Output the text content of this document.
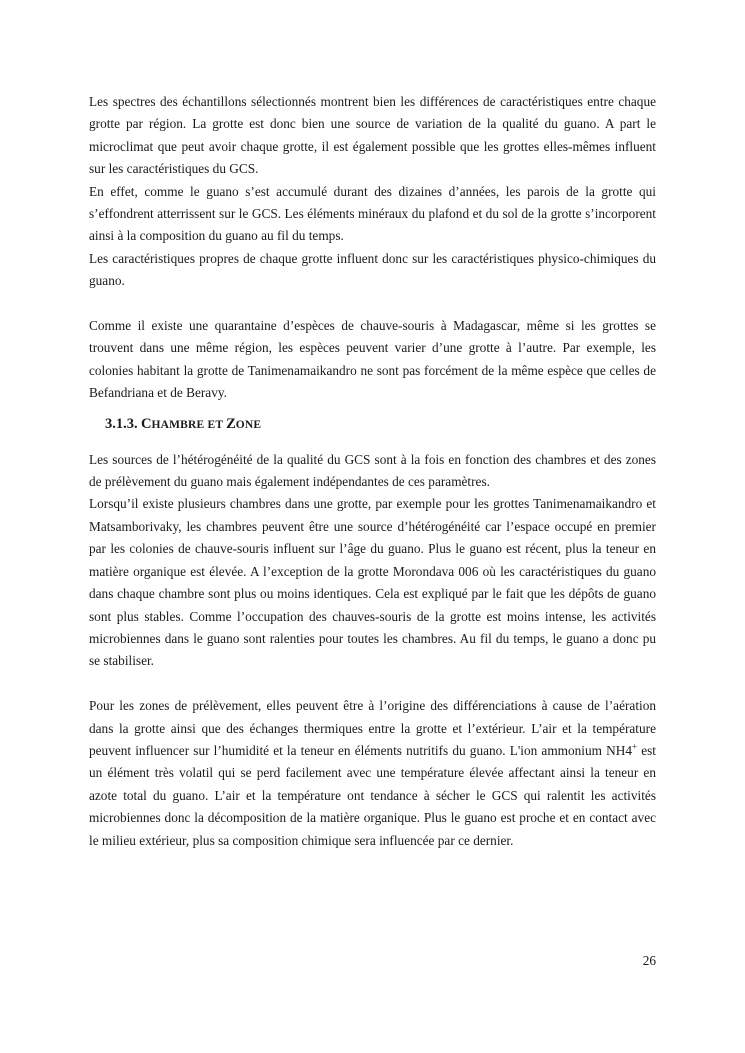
Les spectres des échantillons sélectionnés montrent bien les différences de caractéristiques entre chaque grotte par région. La grotte est donc bien une source de variation de la qualité du guano. A part le microclimat que peut avoir chaque grotte, il est également possible que les grottes elles-mêmes influent sur les caractéristiques du GCS.

En effet, comme le guano s’est accumulé durant des dizaines d’années, les parois de la grotte qui s’effondrent atterrissent sur le GCS. Les éléments minéraux du plafond et du sol de la grotte s’incorporent ainsi à la composition du guano au fil du temps.

Les caractéristiques propres de chaque grotte influent donc sur les caractéristiques physico-chimiques du guano.

Comme il existe une quarantaine d’espèces de chauve-souris à Madagascar, même si les grottes se trouvent dans une même région, les espèces peuvent varier d’une grotte à l’autre. Par exemple, les colonies habitant la grotte de Tanimenamaikandro ne sont pas forcément de la même espèce que celles de Befandriana et de Beravy.

3.1.3. CHAMBRE ET ZONE

Les sources de l’hétérogénéité de la qualité du GCS sont à la fois en fonction des chambres et des zones de prélèvement du guano mais également indépendantes de ces paramètres.

Lorsqu’il existe plusieurs chambres dans une grotte, par exemple pour les grottes Tanimenamaikandro et Matsamborivaky, les chambres peuvent être une source d’hétérogénéité car l’espace occupé en premier par les colonies de chauve-souris influent sur l’âge du guano. Plus le guano est récent, plus la teneur en matière organique est élevée. A l’exception de la grotte Morondava 006 où les caractéristiques du guano dans chaque chambre sont plus ou moins identiques. Cela est expliqué par le fait que les dépôts de guano sont plus stables. Comme l’occupation des chauves-souris de la grotte est moins intense, les activités microbiennes dans le guano sont ralenties pour toutes les chambres. Au fil du temps, le guano a donc pu se stabiliser.

Pour les zones de prélèvement, elles peuvent être à l’origine des différenciations à cause de l’aération dans la grotte ainsi que des échanges thermiques entre la grotte et l’extérieur. L’air et la température peuvent influencer sur l’humidité et la teneur en éléments nutritifs du guano. L'ion ammonium NH4+ est un élément très volatil qui se perd facilement avec une température élevée affectant ainsi la teneur en azote total du guano. L’air et la température ont tendance à sécher le GCS qui ralentit les activités microbiennes donc la décomposition de la matière organique. Plus le guano est proche et en contact avec le milieu extérieur, plus sa composition chimique sera influencée par ce dernier.

26
